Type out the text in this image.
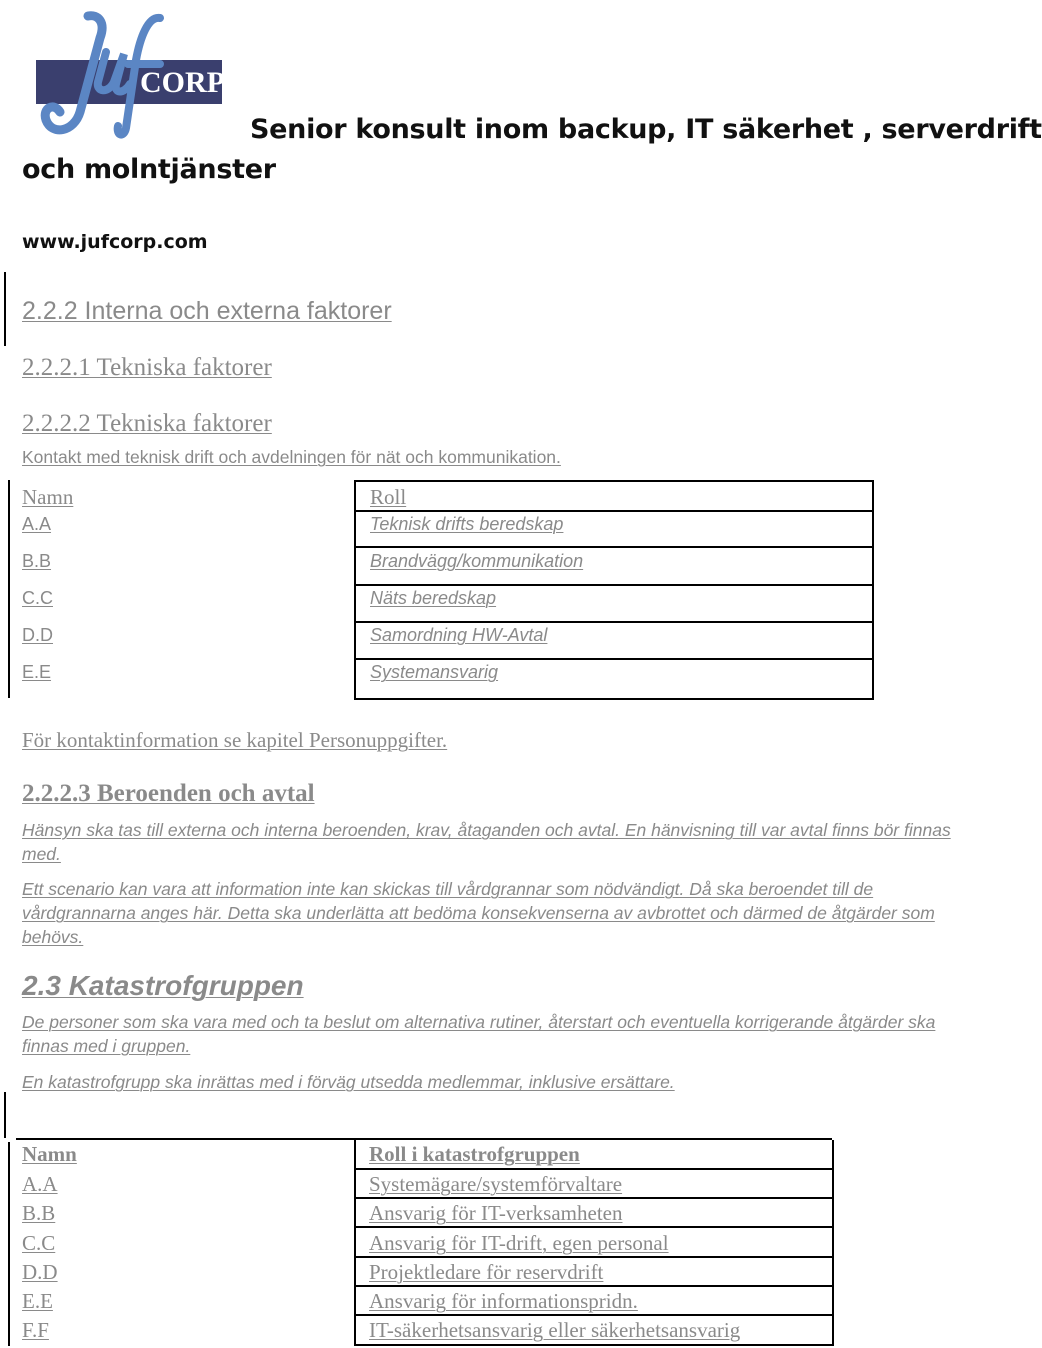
CORP.
Senior konsult inom backup, IT säkerhet , serverdrift
och molntjänster
www.jufcorp.com
2.2.2 Interna och externa faktorer
2.2.2.1 Tekniska faktorer
2.2.2.2 Tekniska faktorer
Kontakt med teknisk drift och avdelningen för nät och kommunikation.
Namn	Roll
A.A	Teknisk drifts beredskap
B.B	Brandvägg/kommunikation
C.C	Näts beredskap
D.D	Samordning HW-Avtal
E.E	Systemansvarig
För kontaktinformation se kapitel Personuppgifter.
2.2.2.3 Beroenden och avtal
Hänsyn ska tas till externa och interna beroenden, krav, åtaganden och avtal. En hänvisning till var avtal finns bör finnas med.
Ett scenario kan vara att information inte kan skickas till vårdgrannar som nödvändigt. Då ska beroendet till de vårdgrannarna anges här. Detta ska underlätta att bedöma konsekvenserna av avbrottet och därmed de åtgärder som behövs.
2.3 Katastrofgruppen
De personer som ska vara med och ta beslut om alternativa rutiner, återstart och eventuella korrigerande åtgärder ska finnas med i gruppen.
En katastrofgrupp ska inrättas med i förväg utsedda medlemmar, inklusive ersättare.
Namn	Roll i katastrofgruppen
A.A	Systemägare/systemförvaltare
B.B	Ansvarig för IT-verksamheten
C.C	Ansvarig för IT-drift, egen personal
D.D	Projektledare för reservdrift
E.E	Ansvarig för informationspridn.
F.F	IT-säkerhetsansvarig eller säkerhetsansvarig
